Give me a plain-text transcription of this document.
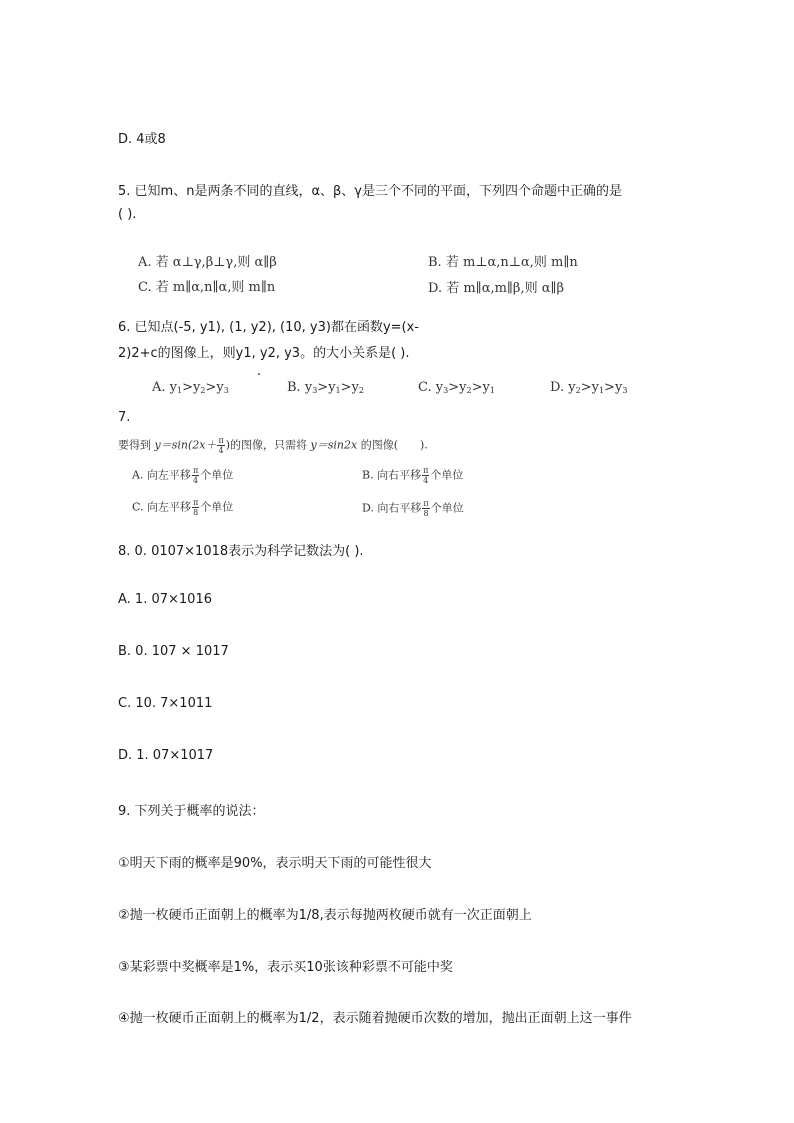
D. 4或8
5. 已知m、n是两条不同的直线，α、β、γ是三个不同的平面，下列四个命题中正确的是
( ).
A. 若 α⊥γ,β⊥γ,则 α∥β	B. 若 m⊥α,n⊥α,则 m∥n
C. 若 m∥α,n∥α,则 m∥n	D. 若 m∥α,m∥β,则 α∥β
6. 已知点(-5, y1), (1, y2), (10, y3)都在函数y=(x-
2)2+c的图像上，则y1, y2, y3。的大小关系是( ).
A. $y_1>y_2>y_3$	B. $y_3>y_1>y_2$	C. $y_3>y_2>y_1$	D. $y_2>y_1>y_3$
7.
要得到 $y=\sin(2x+ \frac{\pi}{4}$ )的图像，只需将 y＝sin2x 的图像(　　).
A. 向左平移 $\frac{\pi}{4}$ 个单位	B. 向右平移 $\frac{\pi}{4}$ 个单位
C. 向左平移 $\frac{\pi}{8}$ 个单位	D. 向右平移 $\frac{\pi}{8}$ 个单位
8. 0. 0107×1018表示为科学记数法为( ).
A. 1. 07×1016
B. 0. 107 × 1017
C. 10. 7×1011
D. 1. 07×1017
9. 下列关于概率的说法：
①明天下雨的概率是90%，表示明天下雨的可能性很大
②抛一枚硬币正面朝上的概率为1/8,表示每抛两枚硬币就有一次正面朝上
③某彩票中奖概率是1%，表示买10张该种彩票不可能中奖
④抛一枚硬币正面朝上的概率为1/2，表示随着抛硬币次数的增加，抛出正面朝上这一事件
